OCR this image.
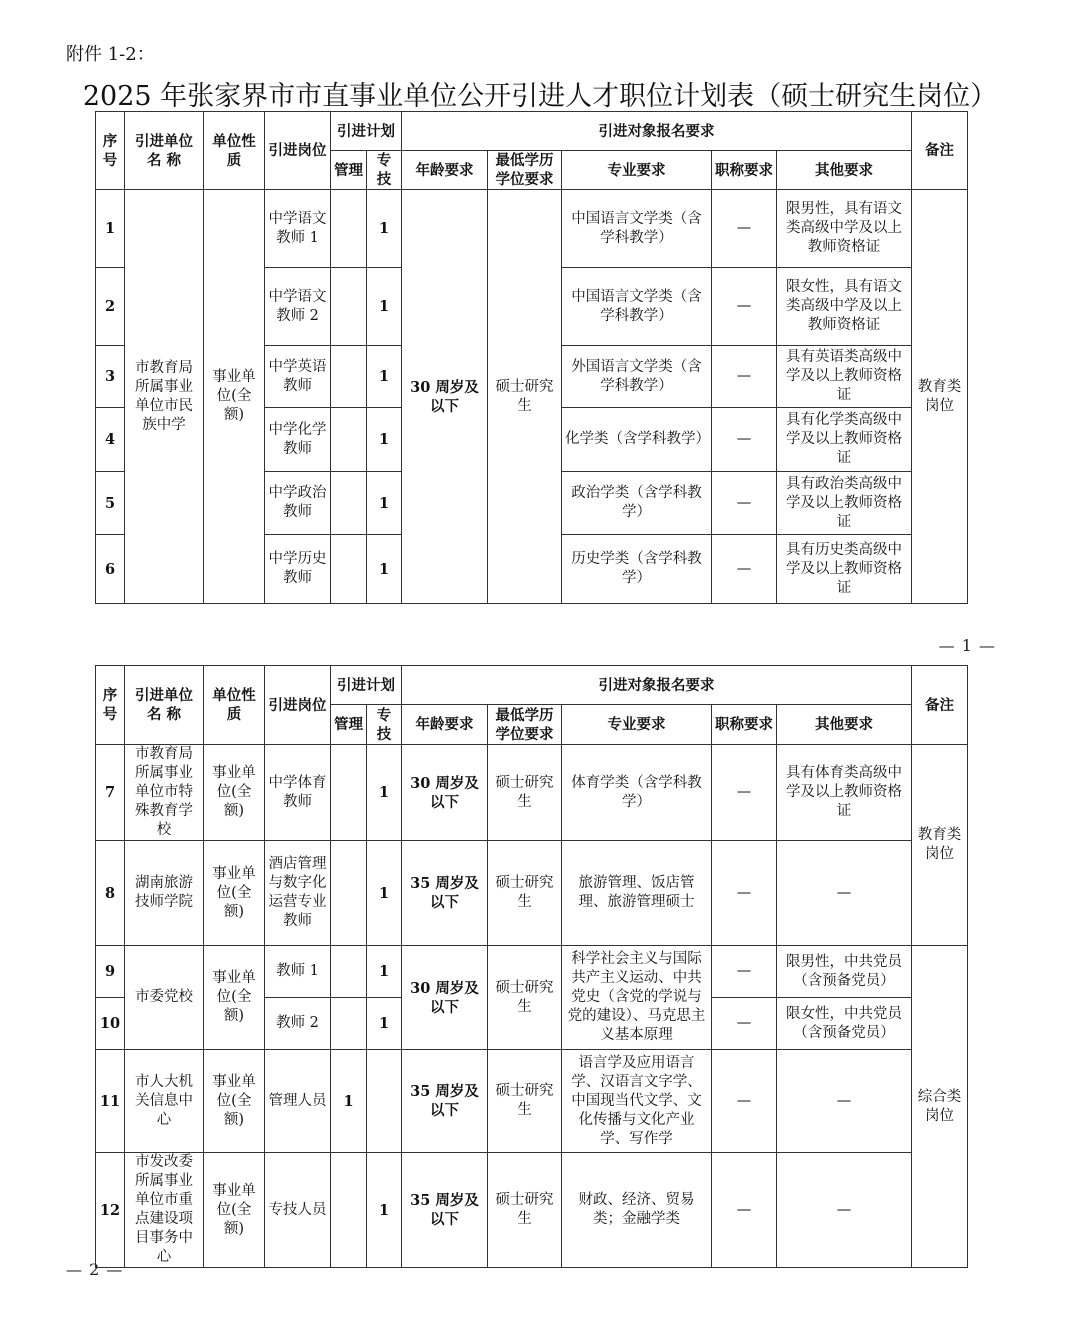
附件 1-2：
2025 年张家界市市直事业单位公开引进人才职位计划表（硕士研究生岗位）
序号	引进单位名 称	单位性质	引进岗位	引进计划		引进对象报名要求					备注
				管理	专技	年龄要求	最低学历学位要求	专业要求	职称要求	其他要求	
1	市教育局所属事业单位市民族中学	事业单位(全额)	中学语文教师 1		1	30 周岁及以下	硕士研究生	中国语言文学类（含学科教学）	—	限男性，具有语文类高级中学及以上教师资格证	教育类岗位
2			中学语文教师 2		1			中国语言文学类（含学科教学）	—	限女性，具有语文类高级中学及以上教师资格证	
3			中学英语教师		1			外国语言文学类（含学科教学）	—	具有英语类高级中学及以上教师资格证	
4			中学化学教师		1			化学类（含学科教学）	—	具有化学类高级中学及以上教师资格证	
5			中学政治教师		1			政治学类（含学科教学）	—	具有政治类高级中学及以上教师资格证	
6			中学历史教师		1			历史学类（含学科教学）	—	具有历史类高级中学及以上教师资格证	
— 1 —
序号	引进单位名 称	单位性质	引进岗位	引进计划		引进对象报名要求					备注
				管理	专技	年龄要求	最低学历学位要求	专业要求	职称要求	其他要求	
7	市教育局所属事业单位市特殊教育学校	事业单位(全额)	中学体育教师		1	30 周岁及以下	硕士研究生	体育学类（含学科教学）	—	具有体育类高级中学及以上教师资格证	教育类岗位
8	湖南旅游技师学院	事业单位(全额)	酒店管理与数字化运营专业教师		1	35 周岁及以下	硕士研究生	旅游管理、饭店管理、旅游管理硕士	—	—	
9	市委党校	事业单位(全额)	教师 1		1	30 周岁及以下	硕士研究生	科学社会主义与国际共产主义运动、中共党史（含党的学说与党的建设）、马克思主义基本原理	—	限男性，中共党员（含预备党员）	综合类岗位
10			教师 2		1				—	限女性，中共党员（含预备党员）	
11	市人大机关信息中心	事业单位(全额)	管理人员	1		35 周岁及以下	硕士研究生	语言学及应用语言学、汉语言文字学、中国现当代文学、文化传播与文化产业学、写作学	—	—	
12	市发改委所属事业单位市重点建设项目事务中心	事业单位(全额)	专技人员		1	35 周岁及以下	硕士研究生	财政、经济、贸易类；金融学类	—	—	
— 2 —
